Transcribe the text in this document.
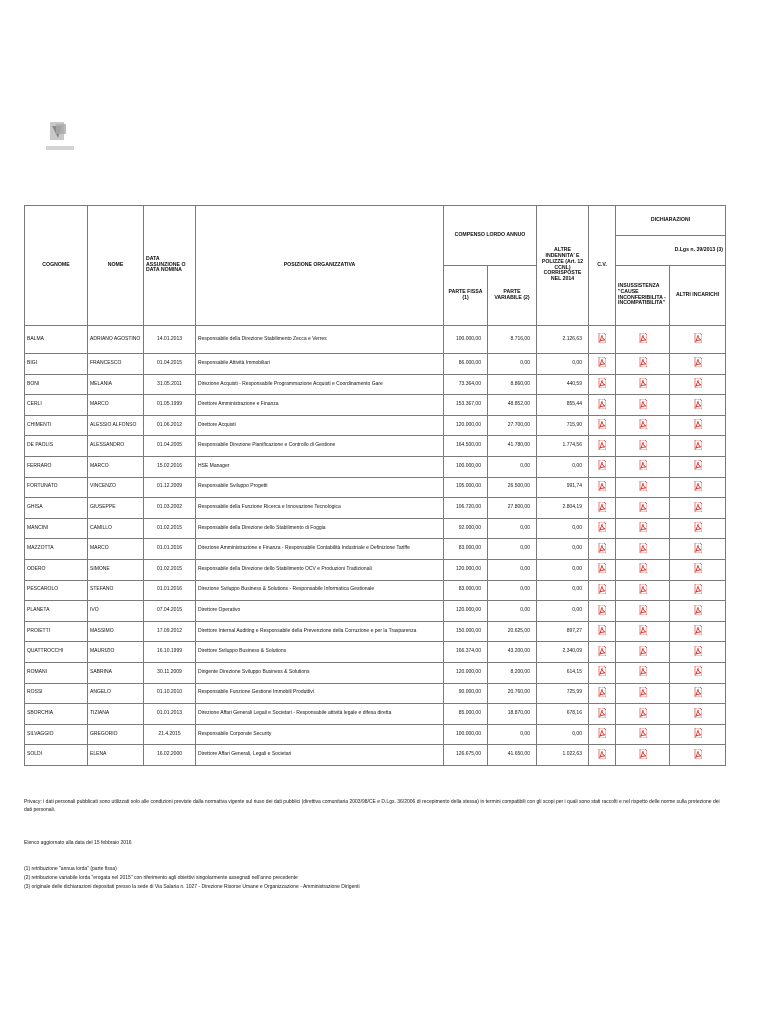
COGNOME	NOME	DATA ASSUNZIONE O DATA NOMINA	POSIZIONE ORGANIZZATIVA	COMPENSO LORDO ANNUO		ALTRE INDENNITA' E POLIZZE (Art. 12 CCNL) CORRISPOSTE NEL 2014	C.V.	DICHIARAZIONI	
								D.Lgs n. 39/2013 (3)	
				PARTE FISSA (1)	PARTE VARIABILE (2)			INSUSSISTENZA "CAUSE INCONFERIBILITA - INCOMPATIBILITA"	ALTRI INCARICHI
BALMA	ADRIANO AGOSTINO	14.01.2013	Responsabile della Direzione Stabilimento Zecca e Verres	100.000,00	8.716,00	2.126,63			
BIGI	FRANCESCO	01.04.2015	Responsabile Attività Immobiliari	86.000,00	0,00	0,00			
BONI	MELANIA	31.05.2011	Direzione Acquisti - Responsabile Programmazione Acquisti e Coordinamento Gare	73.364,00	8.860,00	440,59			
CERLI	MARCO	01.05.1999	Direttore Amministrazione e Finanza	153.367,00	48.852,00	855,44			
CHIMENTI	ALESSIO ALFONSO	01.06.2012	Direttore Acquisti	120.000,00	27.700,00	715,90			
DE PAOLIS	ALESSANDRO	01.04.2005	Responsabile Direzione Pianificazione e Controllo di Gestione	164.500,00	41.780,00	1.774,56			
FERRARO	MARCO	15.02.2016	HSE Manager	100.000,00	0,00	0,00			
FORTUNATO	VINCENZO	01.12.2009	Responsabile Sviluppo Progetti	105.000,00	26.500,00	991,74			
GHISA	GIUSEPPE	01.03.2002	Responsabile della Funzione Ricerca e Innovazione Tecnologica	106.720,00	27.800,00	2.804,19			
MANCINI	CAMILLO	01.02.2015	Responsabile della Direzione dello Stabilimento di Foggia	92.000,00	0,00	0,00			
MAZZOTTA	MARCO	01.01.2016	Direzione Amministrazione e Finanza - Responsabile Contabilità Industriale e Definizione Tariffe	83.000,00	0,00	0,00			
ODERO	SIMONE	01.02.2015	Responsabile della Direzione dello Stabilimento OCV e Produzioni Tradizionali	120.000,00	0,00	0,00			
PESCAROLO	STEFANO	01.01.2016	Direzione Sviluppo Business & Solutions - Responsabile Informatica Gestionale	83.000,00	0,00	0,00			
PLANETA	IVO	07.04.2015	Direttore Operativo	120.000,00	0,00	0,00			
PROIETTI	MASSIMO	17.09.2012	Direttore Internal Auditing e Responsabile della Prevenzione della Corruzione e per la Trasparenza	150.000,00	20.625,00	897,27			
QUATTROCCHI	MAURIZIO	16.10.1999	Direttore Sviluppo Business & Solutions	166.374,00	43.200,00	2.340,09			
ROMANI	SABRINA	30.11.2009	Dirigente Direzione Sviluppo Business & Solutions	120.000,00	8.200,00	614,15			
ROSSI	ANGELO	01.10.2010	Responsabile Funzione Gestione Immobili Produttivi	90.000,00	20.760,00	725,99			
SBORCHIA	TIZIANA	01.01.2013	Direzione Affari Generali Legali e Societari - Responsabile attività legale e difesa diretta	85.000,00	18.870,00	678,16			
SILVAGGIO	GREGORIO	21.4.2015	Responsabile Corporate Security	100.000,00	0,00	0,00			
SOLDI	ELENA	16.02.2000	Direttore Affari Generali, Legali e Societari	126.675,00	41.650,00	1.022,63			
Privacy: i dati personali pubblicati sono utilizzati solo alle condizioni previste dalla normativa vigente sul riuso dei dati pubblici (direttiva comunitaria 2003/98/CE e D.Lgs. 36/2006 di recepimento della stessa) in termini compatibili con gli scopi per i quali sono stati raccolti e nel rispetto delle norme sulla protezione dei dati personali.
Elenco aggiornato alla data del 15 febbraio 2016
(1) retribuzione "annua lorda" (parte fissa)
(2) retribuzione variabile lorda "erogata nel 2015" con riferimento agli obiettivi singolarmente assegnati nell'anno precedente
(3) originale delle dichiarazioni depositati presso la sede di Via Salaria n. 1027 - Direzione Risorse Umane e Organizzazione - Amministrazione Dirigenti
